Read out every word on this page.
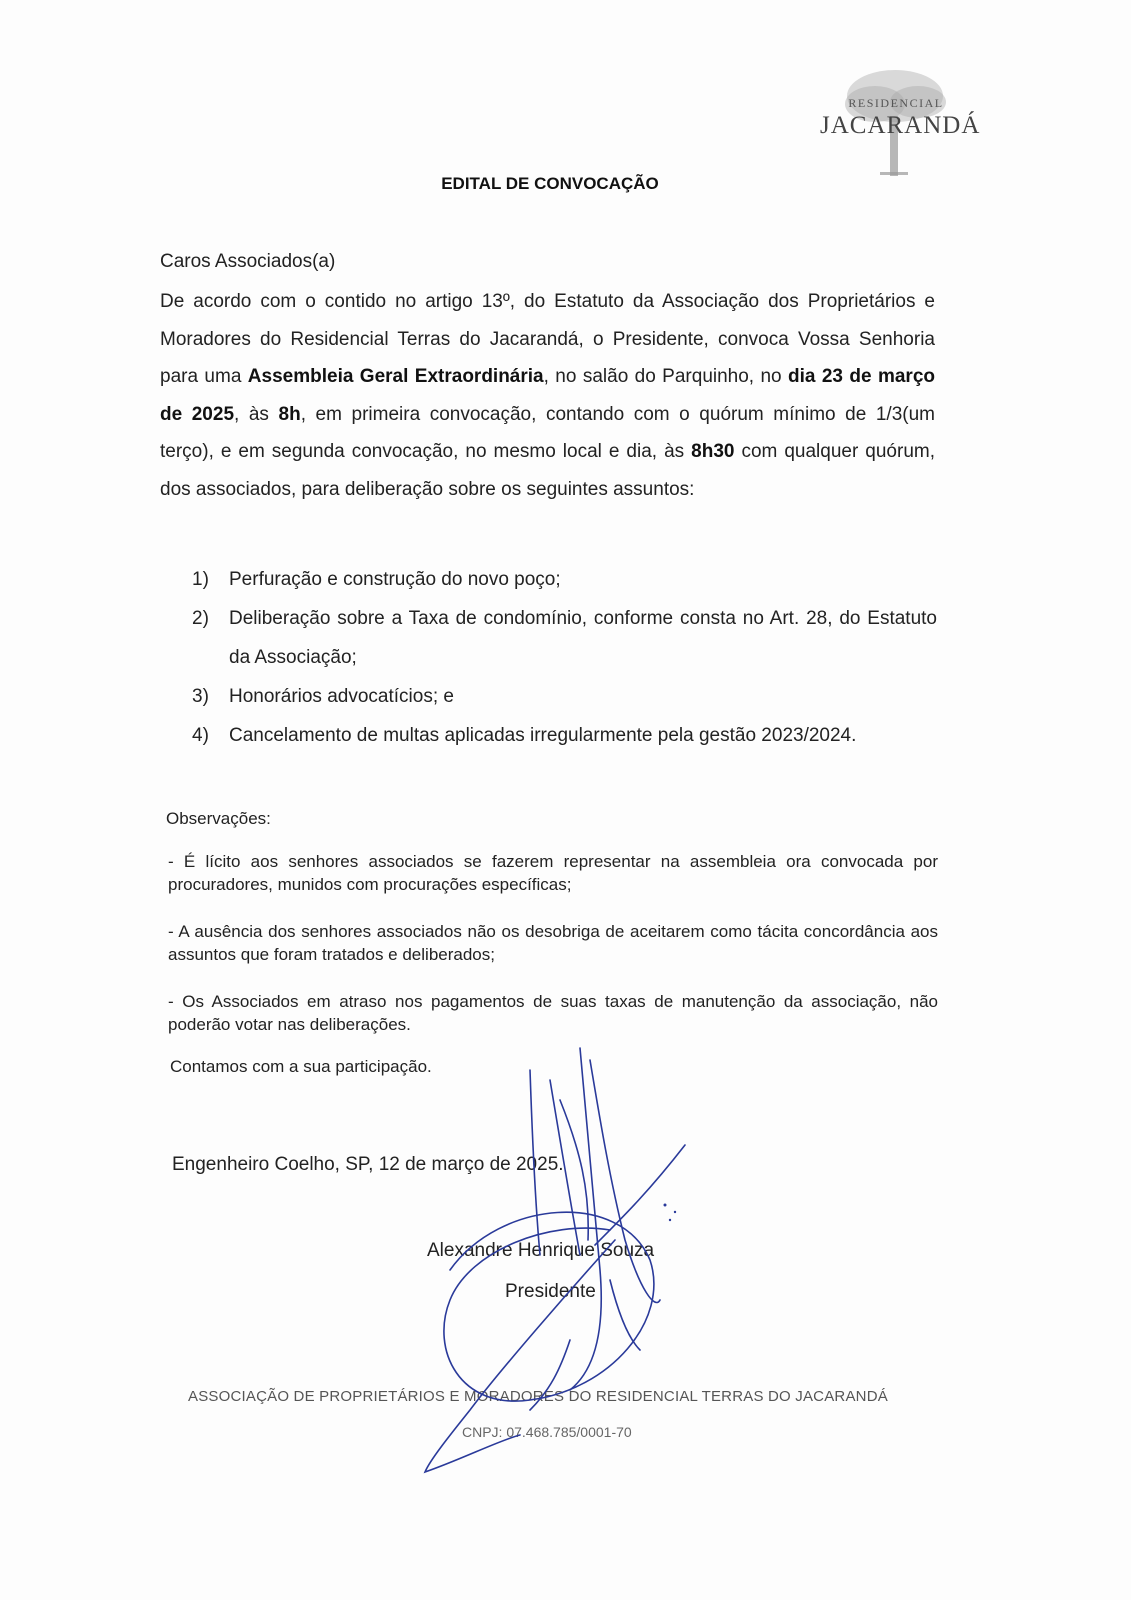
RESIDENCIAL
JACARANDÁ
EDITAL DE CONVOCAÇÃO
Caros Associados(a)

De acordo com o contido no artigo 13º, do Estatuto da Associação dos Proprietários e Moradores do Residencial Terras do Jacarandá, o Presidente, convoca Vossa Senhoria para uma Assembleia Geral Extraordinária, no salão do Parquinho, no dia 23 de março de 2025, às 8h, em primeira convocação, contando com o quórum mínimo de 1/3(um terço), e em segunda convocação, no mesmo local e dia, às 8h30 com qualquer quórum, dos associados, para deliberação sobre os seguintes assuntos:

1) Perfuração e construção do novo poço;
2) Deliberação sobre a Taxa de condomínio, conforme consta no Art. 28, do Estatuto da Associação;
3) Honorários advocatícios; e
4) Cancelamento de multas aplicadas irregularmente pela gestão 2023/2024.
Observações:

- É lícito aos senhores associados se fazerem representar na assembleia ora convocada por procuradores, munidos com procurações específicas;

- A ausência dos senhores associados não os desobriga de aceitarem como tácita concordância aos assuntos que foram tratados e deliberados;

- Os Associados em atraso nos pagamentos de suas taxas de manutenção da associação, não poderão votar nas deliberações.

Contamos com a sua participação.
Engenheiro Coelho, SP, 12 de março de 2025.
Alexandre Henrique Souza
Presidente
ASSOCIAÇÃO DE PROPRIETÁRIOS E MORADORES DO RESIDENCIAL TERRAS DO JACARANDÁ
CNPJ: 07.468.785/0001-70
